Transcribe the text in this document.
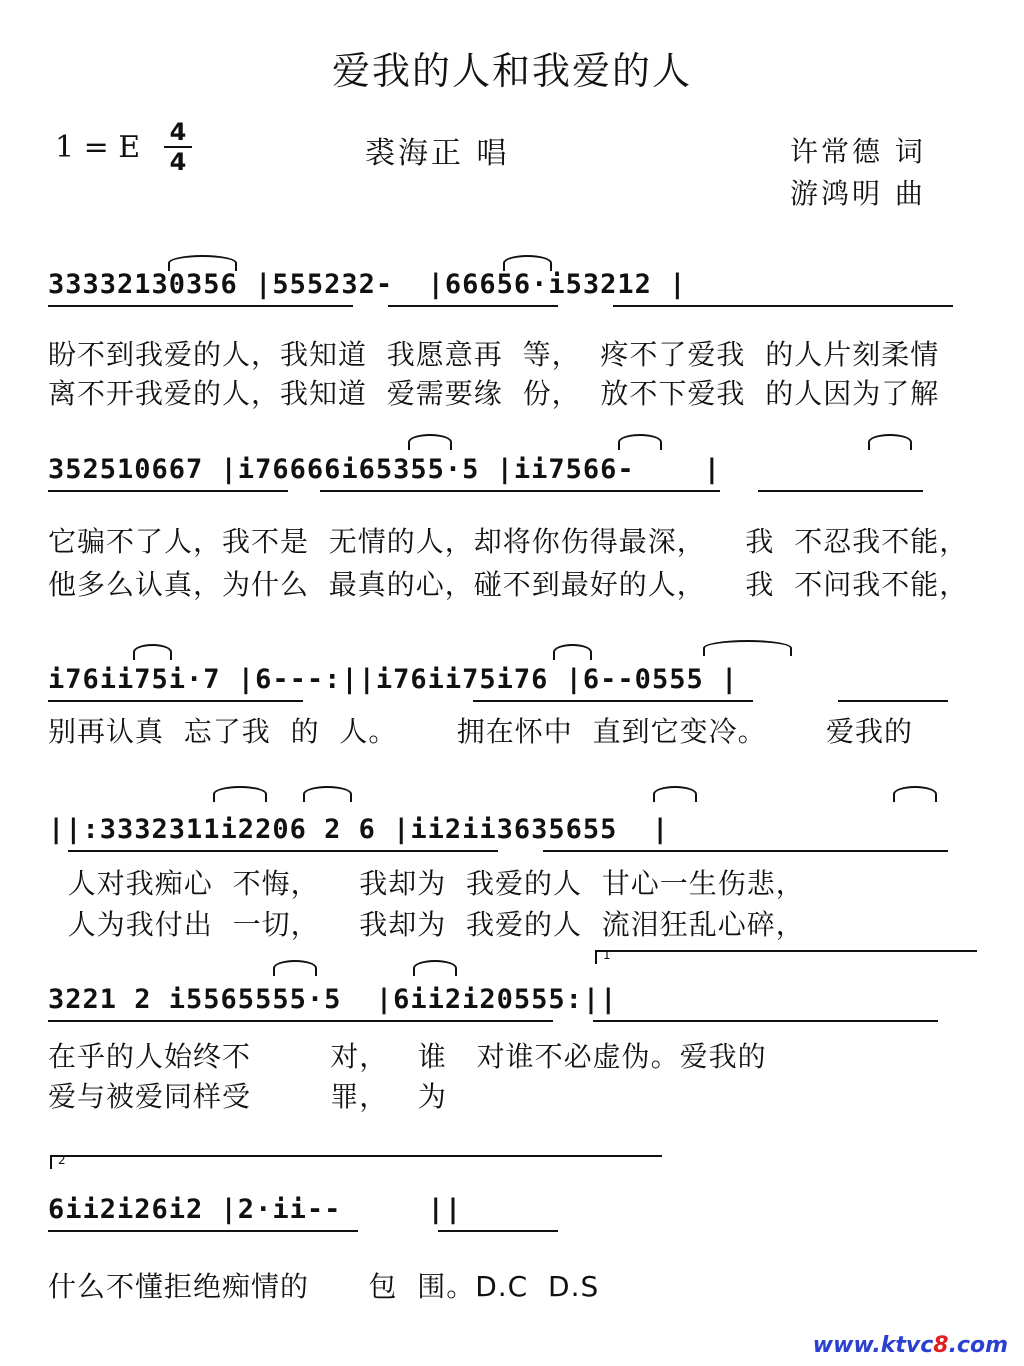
爱我的人和我爱的人
1 = E	4
4	裘海正 唱	许常德 词
游鸿明 曲
33332130356 |555232-  |66656·i53212 |
盼不到我爱的人，我知道  我愿意再  等，  疼不了爱我  的人片刻柔情
离不开我爱的人，我知道  爱需要缘  份，  放不下爱我  的人因为了解
352510667 |i76666i65355·5 |ii7566-    |
它骗不了人，我不是  无情的人，却将你伤得最深，    我  不忍我不能，
他多么认真，为什么  最真的心，碰不到最好的人，    我  不问我不能，
i76ii75i·7 |6---:||i76ii75i76 |6--0555 |
别再认真  忘了我  的  人。      拥在怀中  直到它变冷。      爱我的
||:3332311i2206 2 6 |ii2ii3635655  |
人对我痴心  不悔，    我却为  我爱的人  甘心一生伤悲，
人为我付出  一切，    我却为  我爱的人  流泪狂乱心碎，
1
3221 2 i5565555·5  |6ii2i20555:||
在乎的人始终不        对，   谁   对谁不必虚伪。爱我的
爱与被爱同样受        罪，   为
2
6ii2i26i2 |2·ii--     ||
什么不懂拒绝痴情的      包  围。D.C  D.S
www.ktvc8.com
